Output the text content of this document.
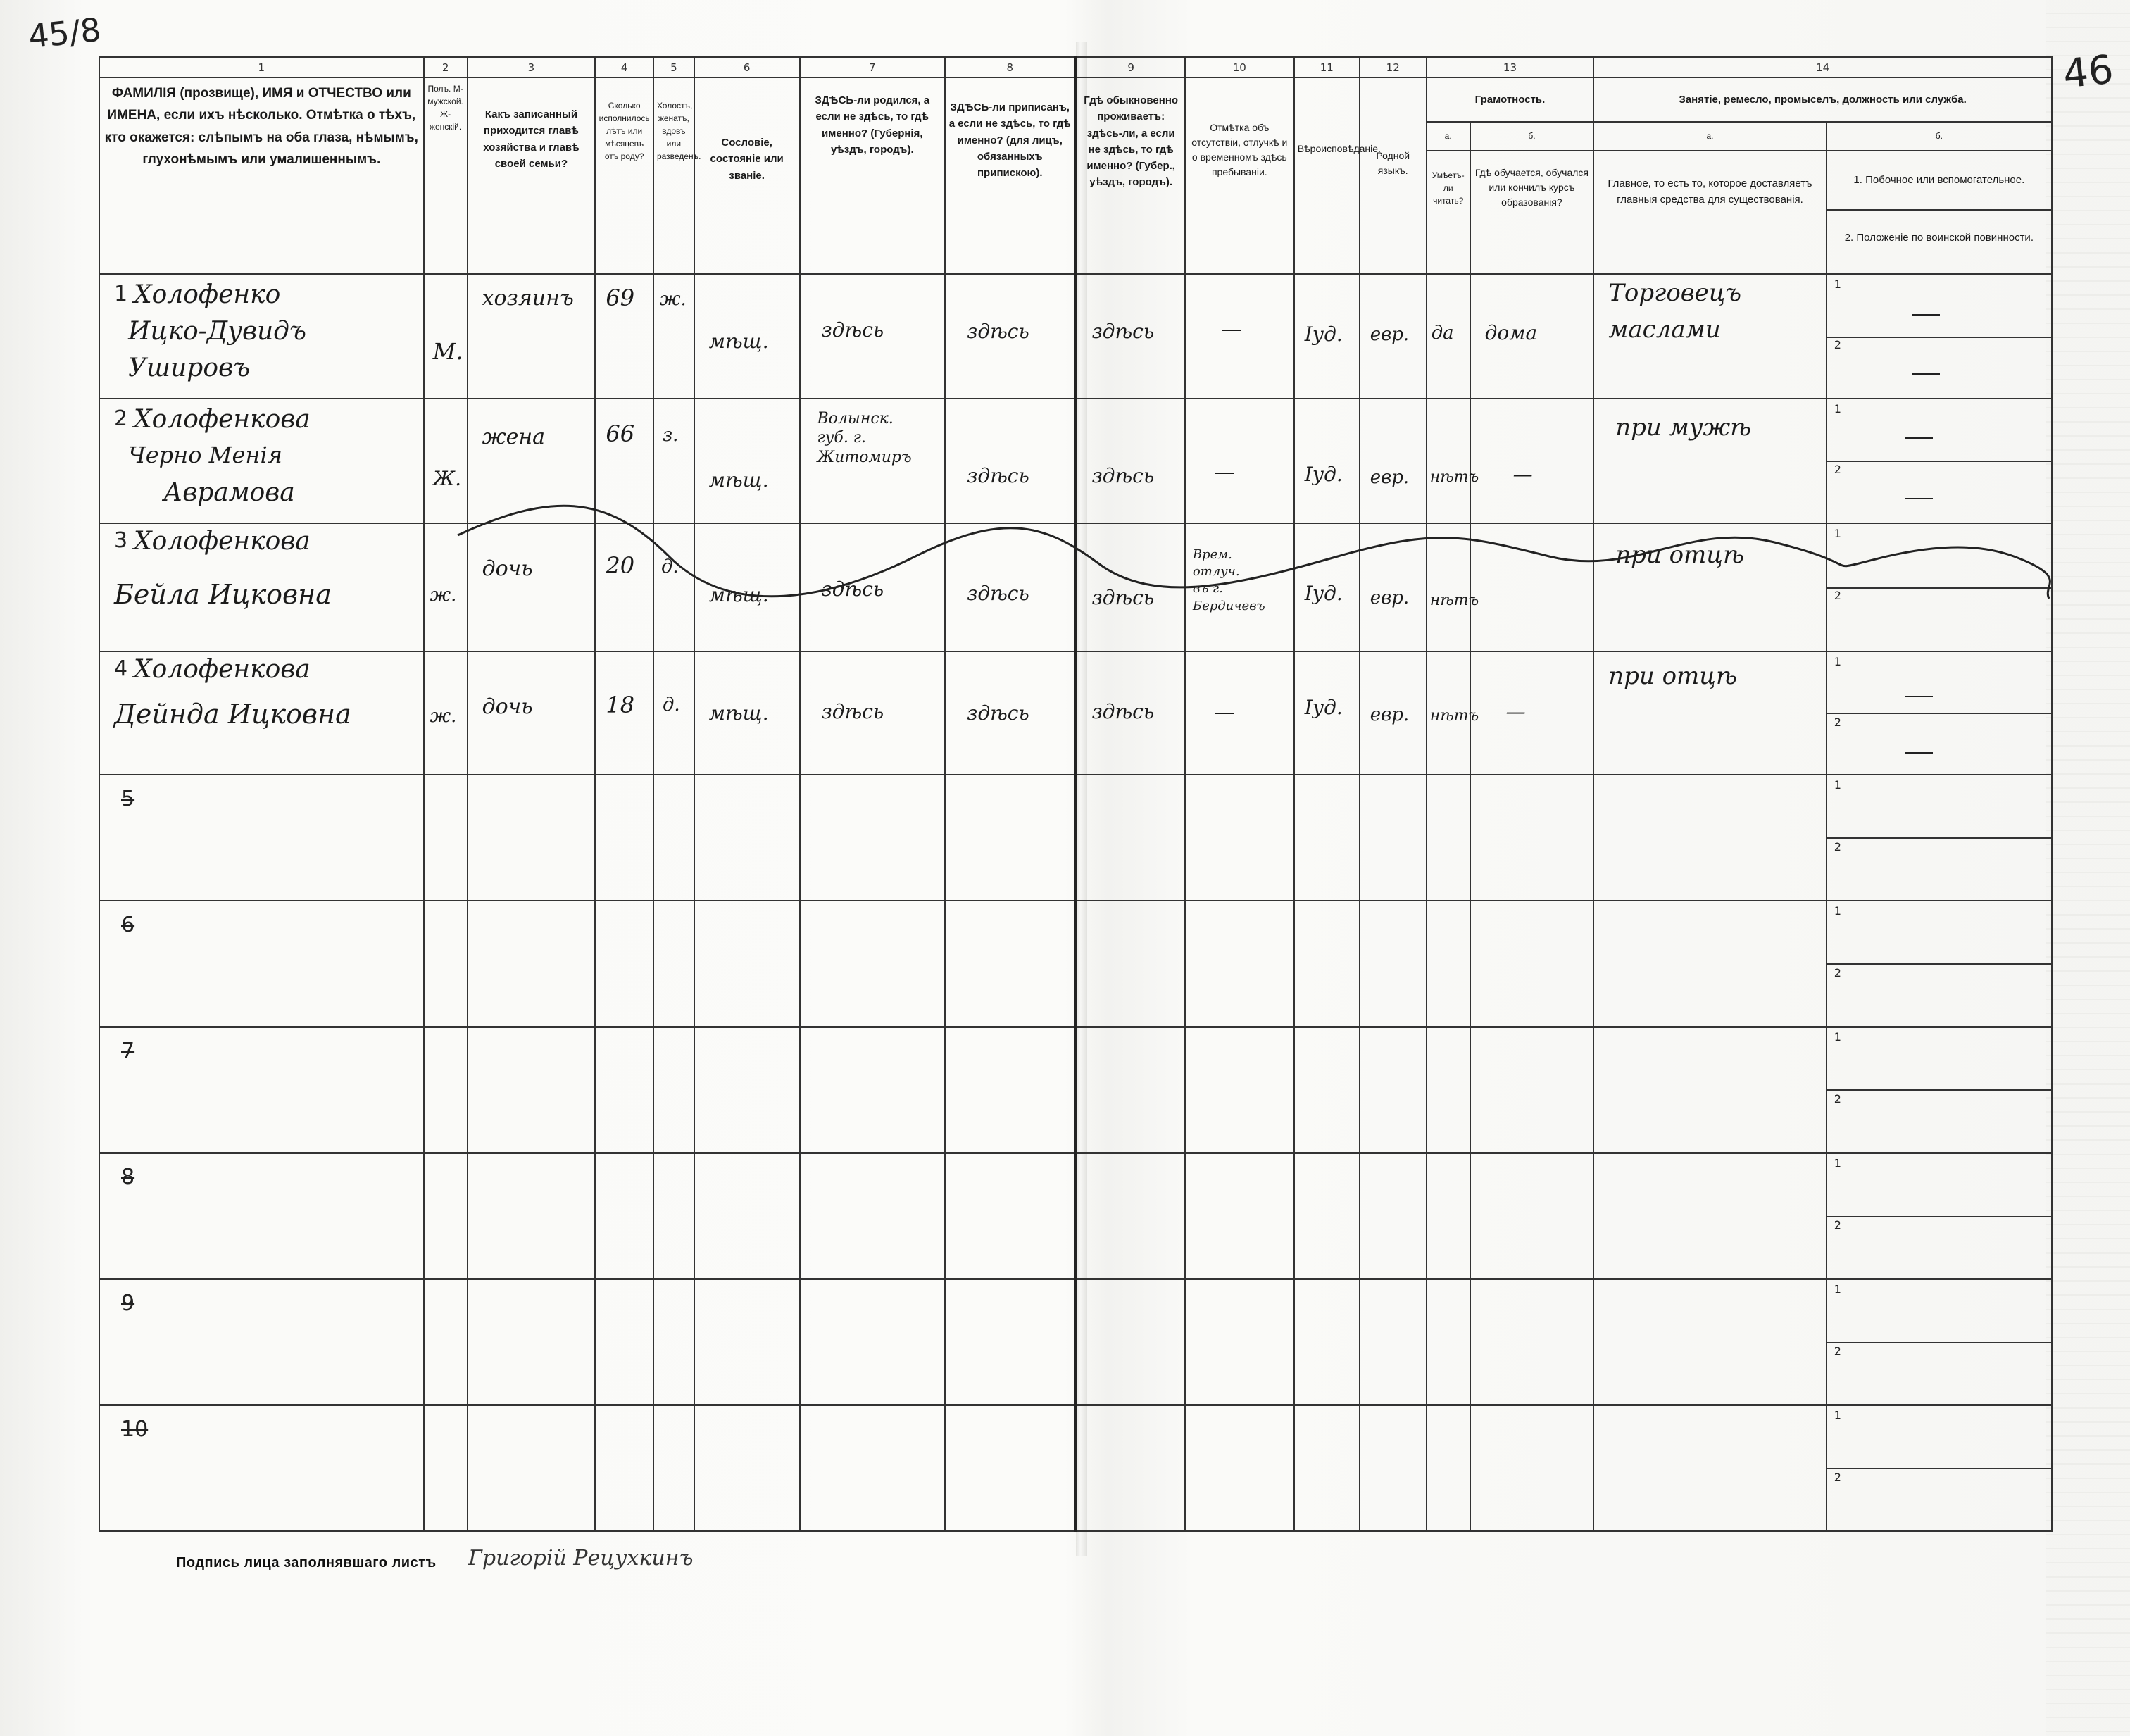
45/8
46
1	2	3	4	5	6	7	8	9	10	11	12	13		14	

ФАМИЛІЯ (прозвище), ИМЯ и ОТЧЕСТВО или ИМЕНА, если ихъ нѣсколько. Отмѣтка о тѣхъ, кто окажется: слѣпымъ на оба глаза, нѣмымъ, глухонѣмымъ или умалишеннымъ.	Полъ. М-мужской. Ж-женскій.	Какъ записанный приходится главѣ хозяйства и главѣ своей семьи?	Сколько исполнилось лѣтъ или мѣсяцевъ отъ роду?	Холостъ, женатъ, вдовъ или разведенъ.	Сословіе, состояніе или званіе.	ЗДѢСЬ-ли родился, а если не здѣсь, то гдѣ именно? (Губернія, уѣздъ, городъ).	ЗДѢСЬ-ли приписанъ, а если не здѣсь, то гдѣ именно? (для лицъ, обязанныхъ припискою).	Гдѣ обыкновенно проживаетъ: здѣсь-ли, а если не здѣсь, то гдѣ именно? (Губер., уѣздъ, городъ).	Отмѣтка объ отсутствіи, отлучкѣ и о временномъ здѣсь пребываніи.	Вѣроисповѣданіе.	Родной языкъ.	Грамотность.		Занятіе, ремесло, промыселъ, должность или служба.	

												а.	б.	а.	б.

												Умѣетъ-ли читать?	Гдѣ обучается, обучался или кончилъ курсъ образованія?	Главное, то есть то, которое доставляетъ главныя средства для существованія.	1. Побочное или вспомогательное.
2. Положеніе по воинской повинности.

1 Холофенко
Ицко-Дувидъ
Ушировъ	М.	хозяинъ	69	ж.	мѣщ.	здѣсь	здѣсь	здѣсь	—	Іуд.	евр.	да	дома	Торговецъ
маслами	1
2

2 Холофенкова
Черно Менія
Аврамова	Ж.	жена	66	з.	мѣщ.	Волынск. губ. г. Житомиръ	здѣсь	здѣсь	—	Іуд.	евр.	нѣтъ	—	при мужѣ	1
2

3 Холофенкова
Бейла Ицковна	ж.	дочь	20	д.	мѣщ.	здѣсь	здѣсь	здѣсь	Врем. отлуч. въ г. Бердичевъ	Іуд.	евр.	нѣтъ		при отцѣ	1
2

4 Холофенкова
Дейнда Ицковна	ж.	дочь	18	д.	мѣщ.	здѣсь	здѣсь	здѣсь	—	Іуд.	евр.	нѣтъ	—	при отцѣ	1
2

5															1
2

6															1
2

7															1
2

8															1
2

9															1
2

10															1
2
Подпись лица заполнявшаго листъ Григорій Рецухкинъ
